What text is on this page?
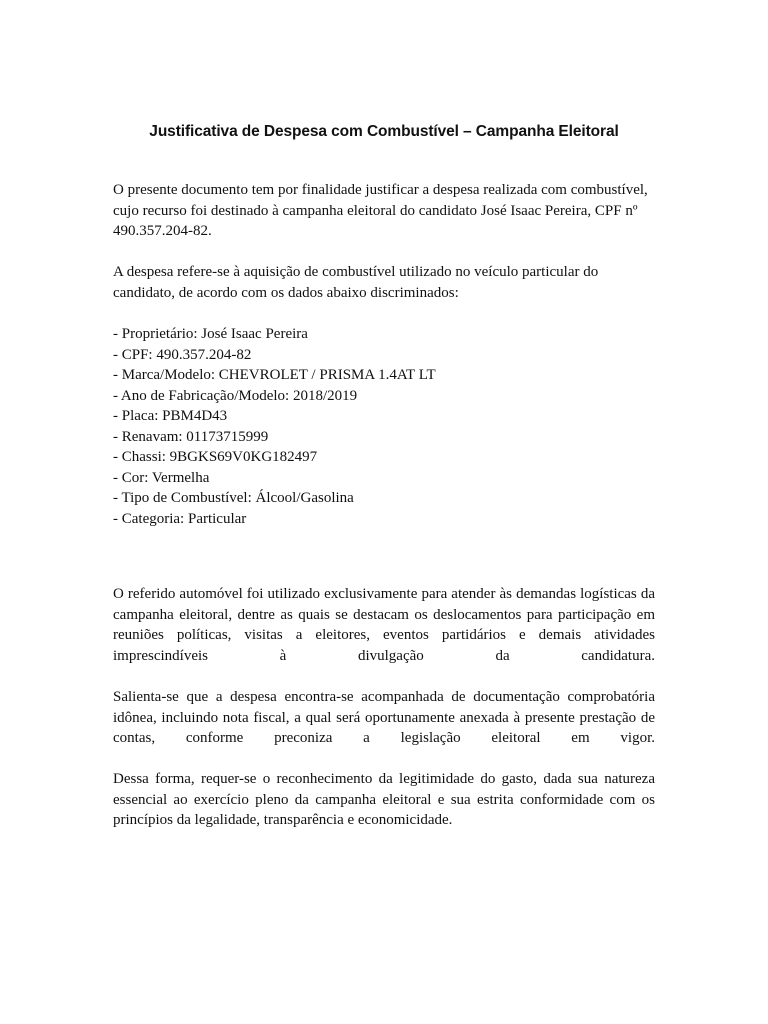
Justificativa de Despesa com Combustível – Campanha Eleitoral
O presente documento tem por finalidade justificar a despesa realizada com combustível,
cujo recurso foi destinado à campanha eleitoral do candidato José Isaac Pereira, CPF nº
490.357.204-82.
A despesa refere-se à aquisição de combustível utilizado no veículo particular do
candidato, de acordo com os dados abaixo discriminados:
- Proprietário: José Isaac Pereira
- CPF: 490.357.204-82
- Marca/Modelo: CHEVROLET / PRISMA 1.4AT LT
- Ano de Fabricação/Modelo: 2018/2019
- Placa: PBM4D43
- Renavam: 01173715999
- Chassi: 9BGKS69V0KG182497
- Cor: Vermelha
- Tipo de Combustível: Álcool/Gasolina
- Categoria: Particular
O referido automóvel foi utilizado exclusivamente para atender às demandas logísticas da
campanha eleitoral, dentre as quais se destacam os deslocamentos para participação em
reuniões políticas, visitas a eleitores, eventos partidários e demais atividades
imprescindíveis à divulgação da candidatura.
Salienta-se que a despesa encontra-se acompanhada de documentação comprobatória
idônea, incluindo nota fiscal, a qual será oportunamente anexada à presente prestação de
contas, conforme preconiza a legislação eleitoral em vigor.
Dessa forma, requer-se o reconhecimento da legitimidade do gasto, dada sua natureza
essencial ao exercício pleno da campanha eleitoral e sua estrita conformidade com os
princípios da legalidade, transparência e economicidade.
